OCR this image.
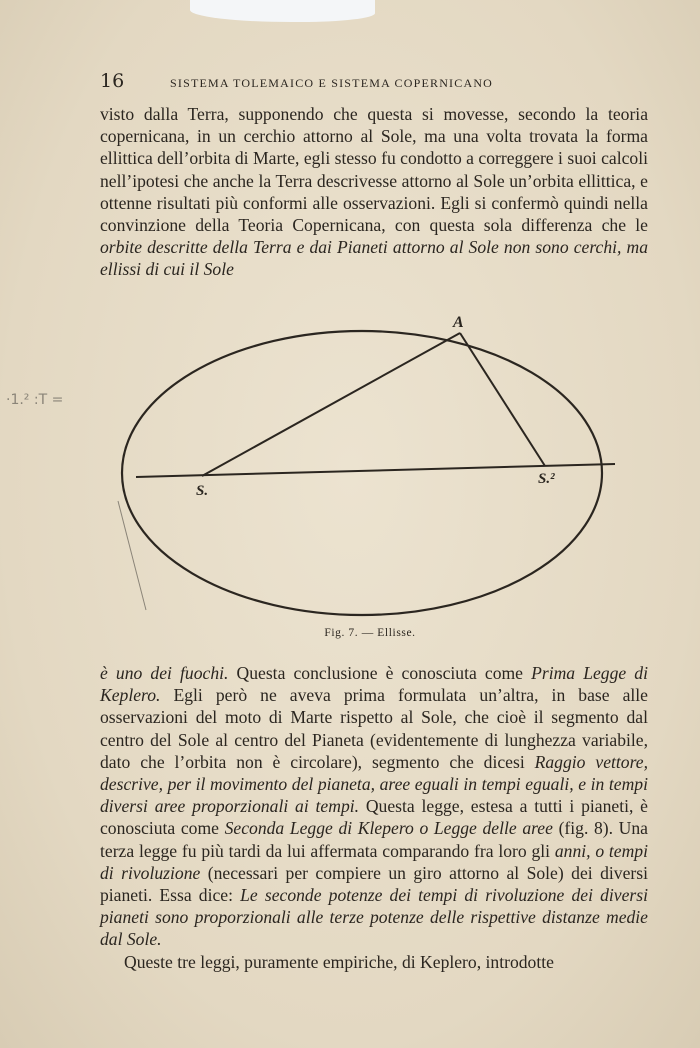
16	SISTEMA TOLEMAICO E SISTEMA COPERNICANO

visto dalla Terra, supponendo che questa si movesse, secondo la teoria copernicana, in un cerchio attorno al Sole, ma una volta trovata la forma ellittica dell’orbita di Marte, egli stesso fu condotto a correggere i suoi calcoli nell’ipotesi che anche la Terra descrivesse attorno al Sole un’orbita ellittica, e ottenne risultati più conformi alle osservazioni. Egli si confermò quindi nella convinzione della Teoria Copernicana, con questa sola differenza che le orbite descritte della Terra e dai Pianeti attorno al Sole non sono cerchi, ma ellissi di cui il Sole

·1.² :T =
A
S.
S.²
Fig. 7. — Ellisse.

è uno dei fuochi. Questa conclusione è conosciuta come Prima Legge di Keplero. Egli però ne aveva prima formulata un’altra, in base alle osservazioni del moto di Marte rispetto al Sole, che cioè il segmento dal centro del Sole al centro del Pianeta (evidentemente di lunghezza variabile, dato che l’orbita non è circolare), segmento che dicesi Raggio vettore, descrive, per il movimento del pianeta, aree eguali in tempi eguali, e in tempi diversi aree proporzionali ai tempi. Questa legge, estesa a tutti i pianeti, è conosciuta come Seconda Legge di Klepero o Legge delle aree (fig. 8). Una terza legge fu più tardi da lui affermata comparando fra loro gli anni, o tempi di rivoluzione (necessari per compiere un giro attorno al Sole) dei diversi pianeti. Essa dice: Le seconde potenze dei tempi di rivoluzione dei diversi pianeti sono proporzionali alle terze potenze delle rispettive distanze medie dal Sole.

Queste tre leggi, puramente empiriche, di Keplero, introdotte
